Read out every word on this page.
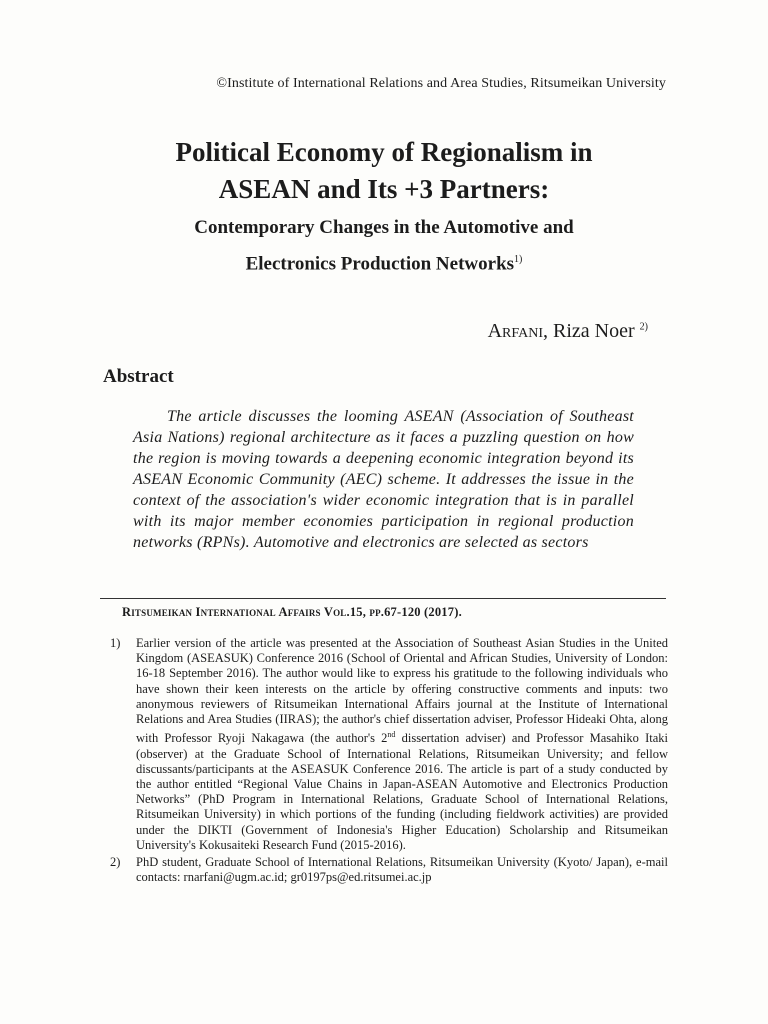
©Institute of International Relations and Area Studies, Ritsumeikan University
Political Economy of Regionalism in
ASEAN and Its +3 Partners:
Contemporary Changes in the Automotive and
Electronics Production Networks$^{1)}$
Arfani, Riza Noer $^{2)}$
Abstract
The article discusses the looming ASEAN (Association of Southeast Asia Nations) regional architecture as it faces a puzzling question on how the region is moving towards a deepening economic integration beyond its ASEAN Economic Community (AEC) scheme. It addresses the issue in the context of the association's wider economic integration that is in parallel with its major member economies participation in regional production networks (RPNs). Automotive and electronics are selected as sectors
Ritsumeikan International Affairs Vol.15, pp.67-120 (2017).
1)	Earlier version of the article was presented at the Association of Southeast Asian Studies in the United Kingdom (ASEASUK) Conference 2016 (School of Oriental and African Studies, University of London: 16-18 September 2016). The author would like to express his gratitude to the following individuals who have shown their keen interests on the article by offering constructive comments and inputs: two anonymous reviewers of Ritsumeikan International Affairs journal at the Institute of International Relations and Area Studies (IIRAS); the author's chief dissertation adviser, Professor Hideaki Ohta, along with Professor Ryoji Nakagawa (the author's 2nd dissertation adviser) and Professor Masahiko Itaki (observer) at the Graduate School of International Relations, Ritsumeikan University; and fellow discussants/participants at the ASEASUK Conference 2016. The article is part of a study conducted by the author entitled “Regional Value Chains in Japan-ASEAN Automotive and Electronics Production Networks” (PhD Program in International Relations, Graduate School of International Relations, Ritsumeikan University) in which portions of the funding (including fieldwork activities) are provided under the DIKTI (Government of Indonesia's Higher Education) Scholarship and Ritsumeikan University's Kokusaiteki Research Fund (2015-2016).
2)	PhD student, Graduate School of International Relations, Ritsumeikan University (Kyoto/ Japan), e-mail contacts: rnarfani@ugm.ac.id; gr0197ps@ed.ritsumei.ac.jp
